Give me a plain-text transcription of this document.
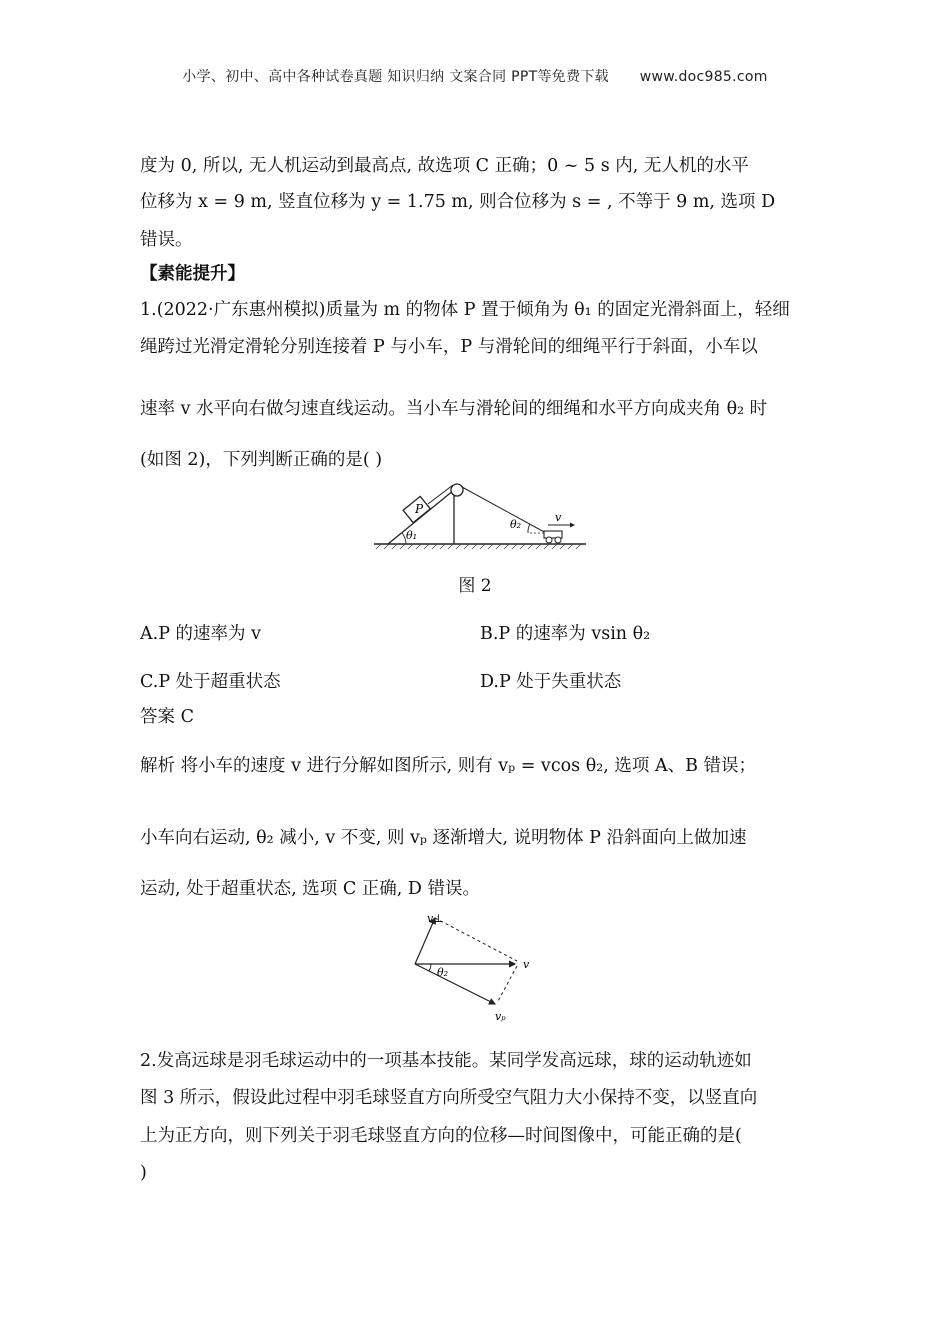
小学、初中、高中各种试卷真题 知识归纳 文案合同 PPT等免费下载 www.doc985.com
度为 0, 所以, 无人机运动到最高点, 故选项 C 正确；0 ~ 5 s 内, 无人机的水平
位移为 x = 9 m, 竖直位移为 y = 1.75 m, 则合位移为 s = , 不等于 9 m, 选项 D
错误。
【素能提升】
1.(2022·广东惠州模拟)质量为 m 的物体 P 置于倾角为 θ₁ 的固定光滑斜面上，轻细
绳跨过光滑定滑轮分别连接着 P 与小车，P 与滑轮间的细绳平行于斜面，小车以
速率 v 水平向右做匀速直线运动。当小车与滑轮间的细绳和水平方向成夹角 θ₂ 时
(如图 2)，下列判断正确的是( )
P
θ₁
θ₂
v
图 2
A.P 的速率为 v	B.P 的速率为 vsin θ₂
C.P 处于超重状态	D.P 处于失重状态
答案 C
解析 将小车的速度 v 进行分解如图所示, 则有 vₚ = vcos θ₂, 选项 A、B 错误；
小车向右运动, θ₂ 减小, v 不变, 则 vₚ 逐渐增大, 说明物体 P 沿斜面向上做加速
运动, 处于超重状态, 选项 C 正确, D 错误。
θ₂
v⊥
v
vₚ
2.发高远球是羽毛球运动中的一项基本技能。某同学发高远球，球的运动轨迹如
图 3 所示，假设此过程中羽毛球竖直方向所受空气阻力大小保持不变，以竖直向
上为正方向，则下列关于羽毛球竖直方向的位移—时间图像中，可能正确的是(
)
